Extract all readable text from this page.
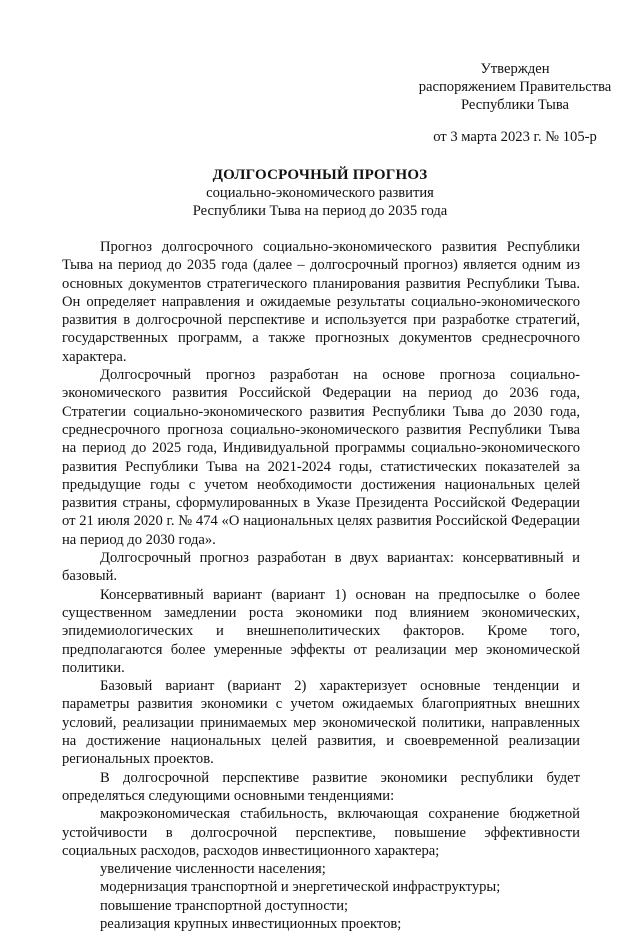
Утвержден
распоряжением Правительства
Республики Тыва
от 3 марта 2023 г. № 105-р
ДОЛГОСРОЧНЫЙ ПРОГНОЗ
социально-экономического развития
Республики Тыва на период до 2035 года

Прогноз долгосрочного социально-экономического развития Республики Тыва на период до 2035 года (далее – долгосрочный прогноз) является одним из основных документов стратегического планирования развития Республики Тыва. Он определяет направления и ожидаемые результаты социально-экономического развития в долгосрочной перспективе и используется при разработке стратегий, государственных программ, а также прогнозных документов среднесрочного характера.

Долгосрочный прогноз разработан на основе прогноза социально-экономического развития Российской Федерации на период до 2036 года, Стратегии социально-экономического развития Республики Тыва до 2030 года, среднесрочного прогноза социально-экономического развития Республики Тыва на период до 2025 года, Индивидуальной программы социально-экономического развития Республики Тыва на 2021-2024 годы, статистических показателей за предыдущие годы с учетом необходимости достижения национальных целей развития страны, сформулированных в Указе Президента Российской Федерации от 21 июля 2020 г. № 474 «О национальных целях развития Российской Федерации на период до 2030 года».

Долгосрочный прогноз разработан в двух вариантах: консервативный и базовый.

Консервативный вариант (вариант 1) основан на предпосылке о более существенном замедлении роста экономики под влиянием экономических, эпидемиологических и внешнеполитических факторов. Кроме того, предполагаются более умеренные эффекты от реализации мер экономической политики.

Базовый вариант (вариант 2) характеризует основные тенденции и параметры развития экономики с учетом ожидаемых благоприятных внешних условий, реализации принимаемых мер экономической политики, направленных на достижение национальных целей развития, и своевременной реализации региональных проектов.

В долгосрочной перспективе развитие экономики республики будет определяться следующими основными тенденциями:

макроэкономическая стабильность, включающая сохранение бюджетной устойчивости в долгосрочной перспективе, повышение эффективности социальных расходов, расходов инвестиционного характера;

увеличение численности населения;

модернизация транспортной и энергетической инфраструктуры;

повышение транспортной доступности;

реализация крупных инвестиционных проектов;
